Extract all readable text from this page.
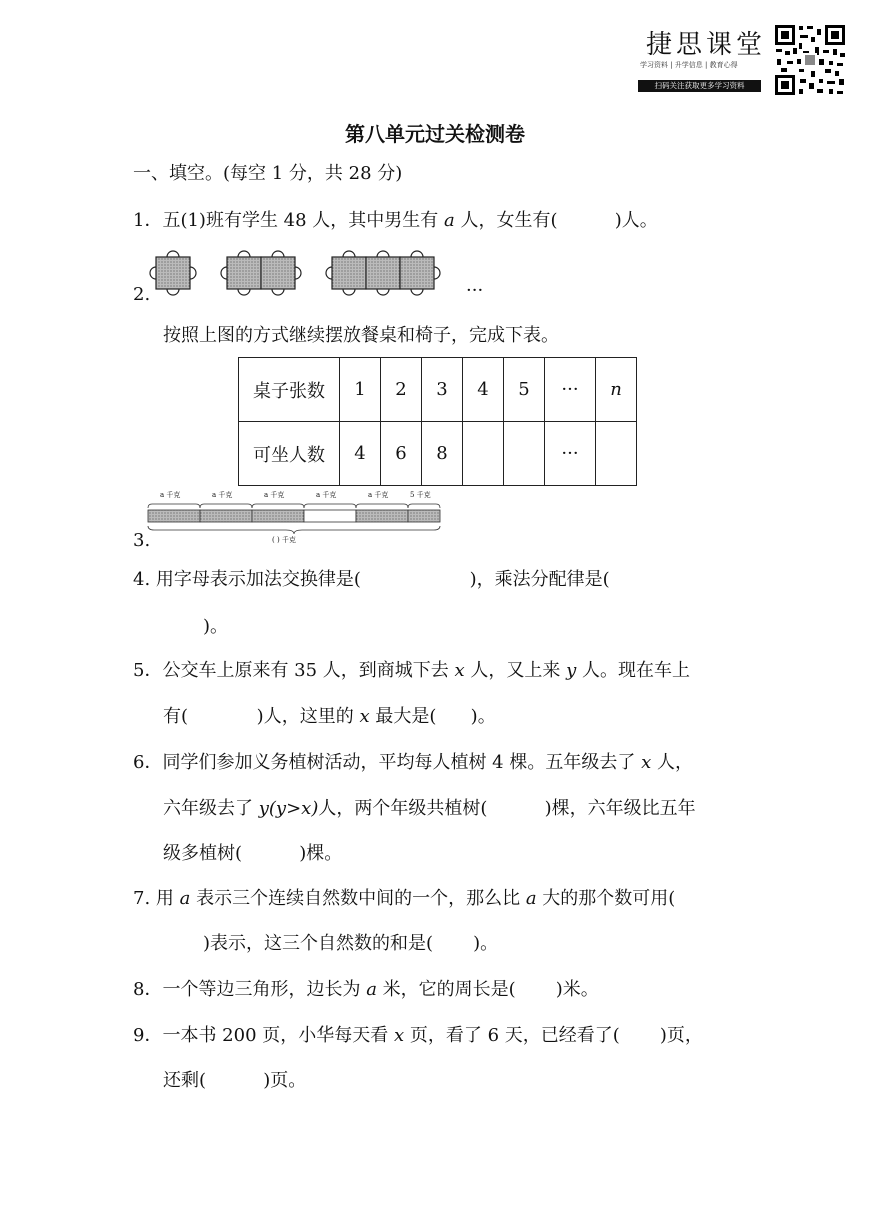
捷思课堂
学习资料 | 升学信息 | 教育心得
扫码关注获取更多学习资料
第八单元过关检测卷
一、填空。(每空 1 分，共 28 分)
1．五(1)班有学生 48 人，其中男生有 a 人，女生有(          )人。
2.	···
按照上图的方式继续摆放餐桌和椅子，完成下表。
桌子张数	1	2	3	4	5	···	n
可坐人数	4	6	8			···	
a 千克	a 千克	a 千克	a 千克	a 千克	5 千克
( ) 千克
3.
4. 用字母表示加法交换律是(                   )，乘法分配律是(
)。
5．公交车上原来有 35 人，到商城下去 x 人，又上来 y 人。现在车上
有(            )人，这里的 x 最大是(      )。
6．同学们参加义务植树活动，平均每人植树 4 棵。五年级去了 x 人，
六年级去了 y(y>x)人，两个年级共植树(          )棵，六年级比五年
级多植树(          )棵。
7. 用 a 表示三个连续自然数中间的一个，那么比 a 大的那个数可用(
)表示，这三个自然数的和是(       )。
8．一个等边三角形，边长为 a 米，它的周长是(       )米。
9．一本书 200 页，小华每天看 x 页，看了 6 天，已经看了(       )页，
还剩(          )页。
